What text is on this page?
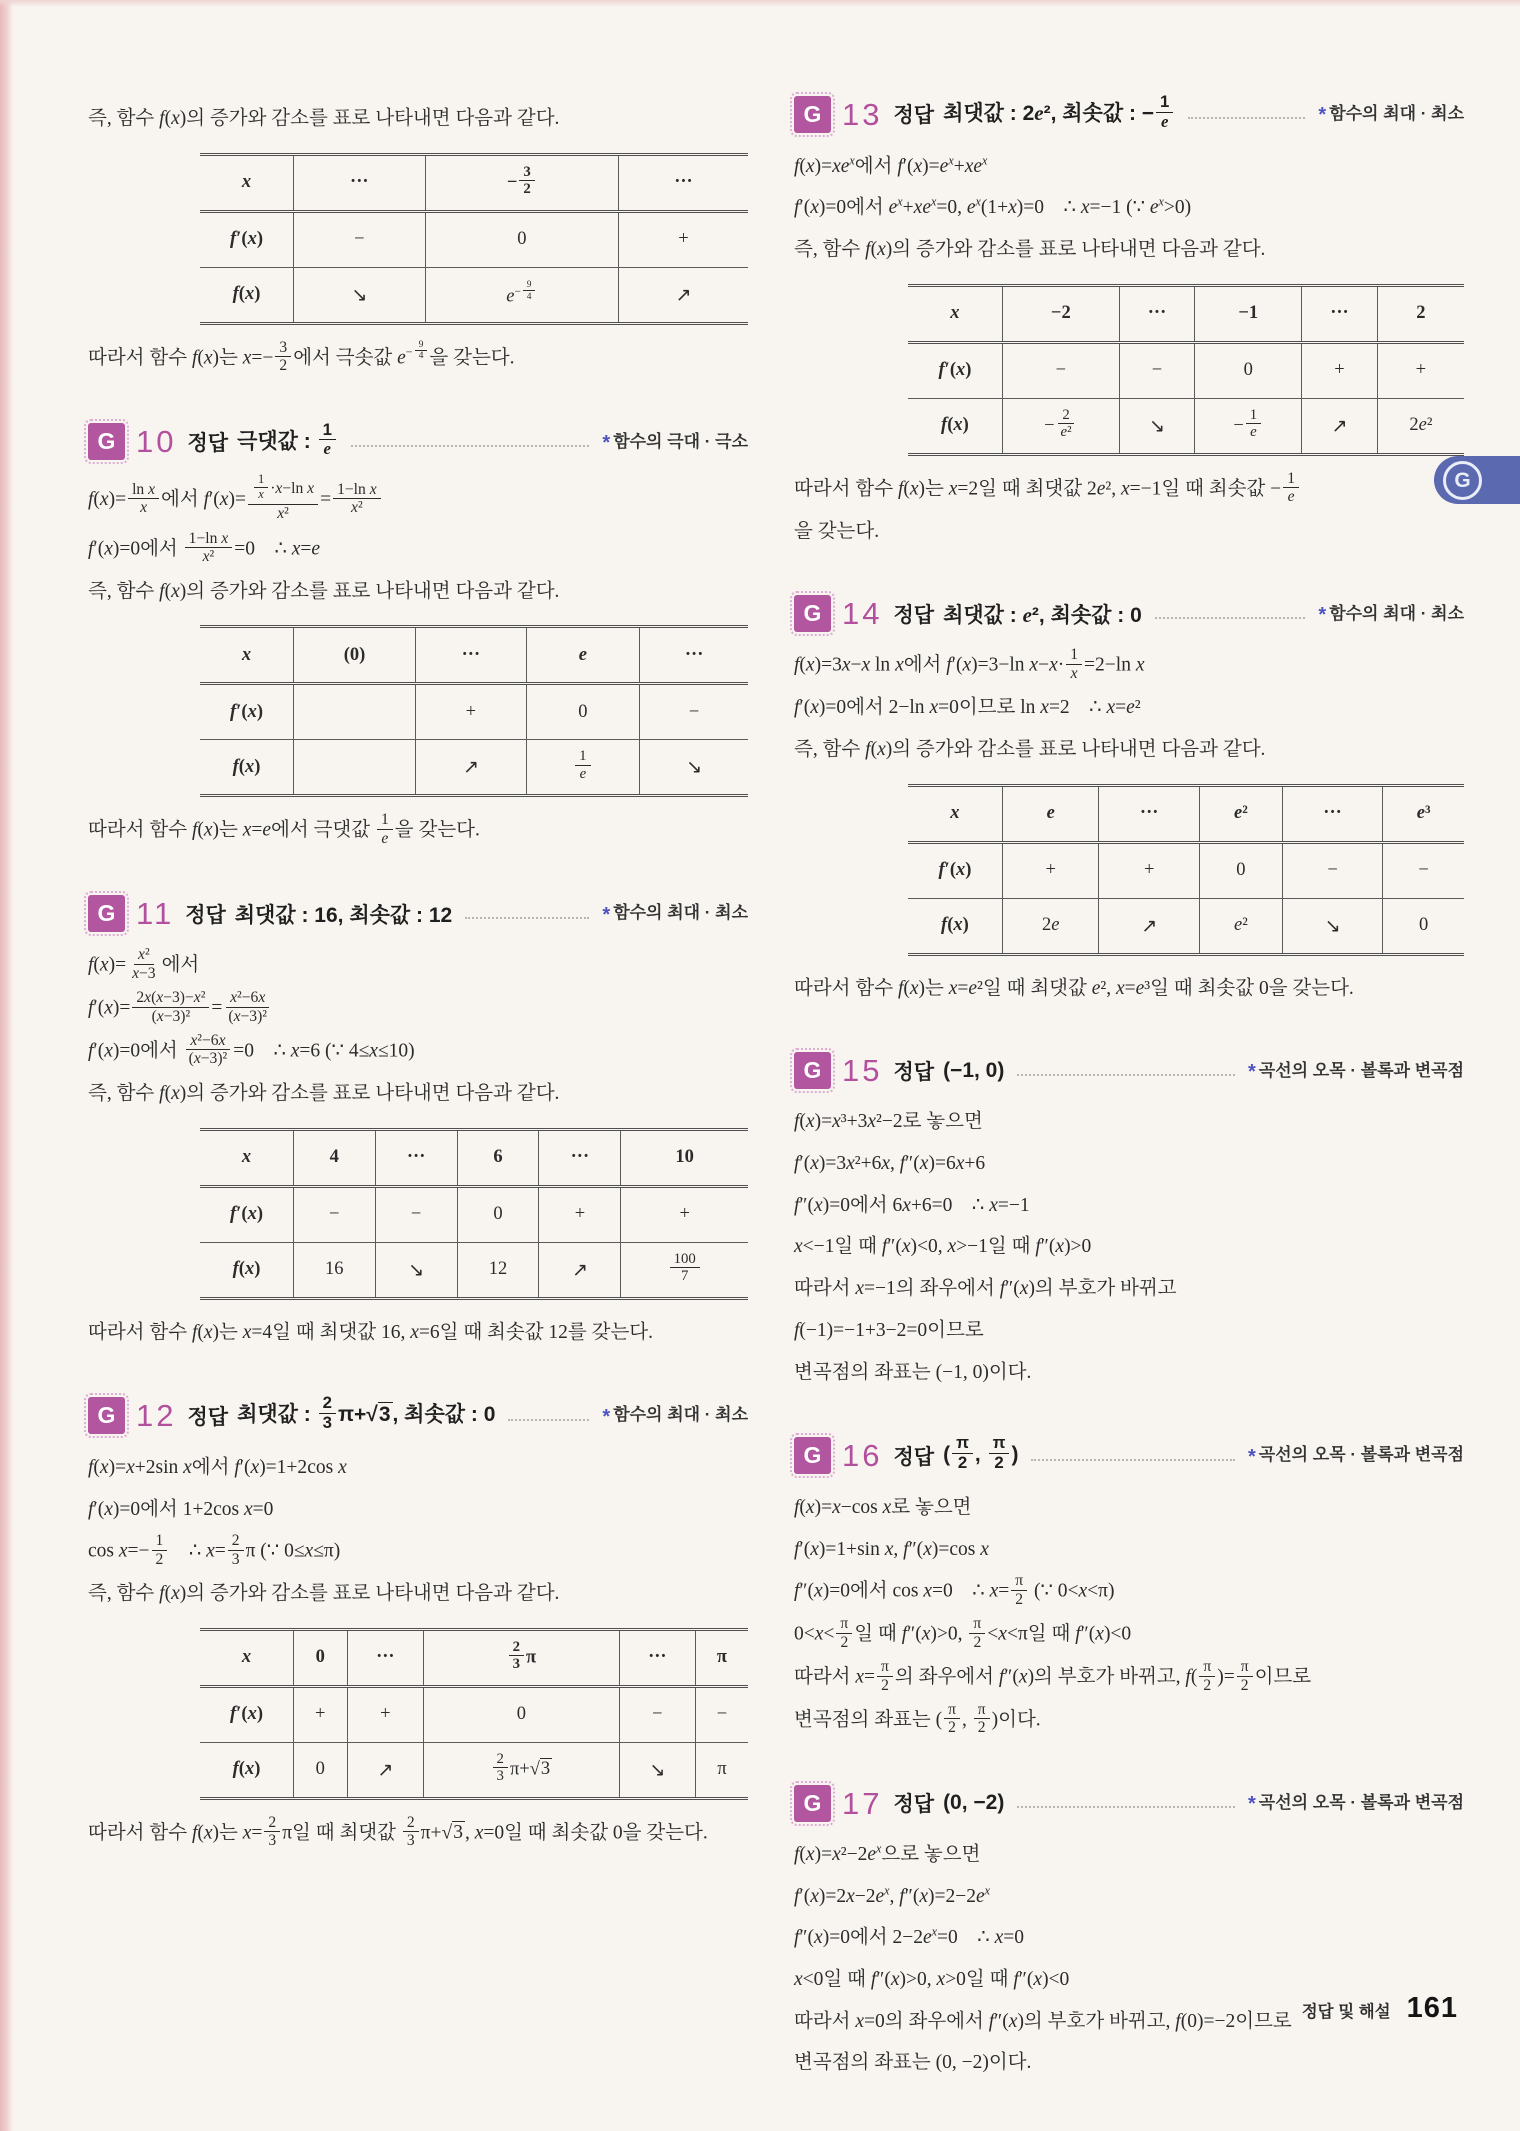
즉, 함수 f(x)의 증가와 감소를 표로 나타내면 다음과 같다.

x	···	− $\frac{3}{2}$	···
f′(x)	−	0	+
f(x)	↘	$e^{- \frac{9}{4}}$	↗

따라서 함수 f(x)는 $x=- \frac{3}{2}$ 에서 극솟값 $e^{- \frac{9}{4}}$ 을 갖는다.

G 10 정답 극댓값 : $\frac{1}{e}$	* 함수의 극대 · 극소

$f(x)= \frac{\text{ln x}}{x}$ 에서 $f'(x)= \frac{\frac{1}{x} \cdot x-\ln x}{\text{x²}} = \frac{\text{1−ln x}}{\text{x²}}$

f′(x)=0에서 $\frac{\text{1−ln x}}{\text{x²}} =0$    ∴ x=e

즉, 함수 f(x)의 증가와 감소를 표로 나타내면 다음과 같다.

x	(0)	···	e	···
f′(x)		+	0	−
f(x)		↗	$\frac{1}{e}$	↘

따라서 함수 f(x)는 x=e에서 극댓값 $\frac{1}{e}$ 을 갖는다.

G 11 정답 최댓값 : 16, 최솟값 : 12	* 함수의 최대 · 최소

$f(x)= \frac{\text{x²}}{x-3}$ 에서

$f'(x)= \frac{\text{2x(x−3)−x²}}{\text{(x−3)²}} = \frac{\text{x²−6x}}{\text{(x−3)²}}$

f′(x)=0에서 $\frac{\text{x²−6x}}{\text{(x−3)²}} =0$    ∴ x=6 (∵ 4≤x≤10)

즉, 함수 f(x)의 증가와 감소를 표로 나타내면 다음과 같다.

x	4	···	6	···	10
f′(x)	−	−	0	+	+
f(x)	16	↘	12	↗	$\frac{100}{7}$

따라서 함수 f(x)는 x=4일 때 최댓값 16, x=6일 때 최솟값 12를 갖는다.

G 12 정답 최댓값 : $\frac{2}{3} \pi+√3$, 최솟값 : 0	* 함수의 최대 · 최소

f(x)=x+2sin x에서 f′(x)=1+2cos x

f′(x)=0에서 1+2cos x=0

$\cos x=- \frac{1}{2}$ ∴ $x= \frac{2}{3}$ π (∵ 0≤x≤π)

즉, 함수 f(x)의 증가와 감소를 표로 나타내면 다음과 같다.

x	0	···	$\frac{2}{3}$ π	···	π
f′(x)	+	+	0	−	−
f(x)	0	↗	$\frac{2}{3} \pi+√3$	↘	π

따라서 함수 f(x)는 $x= \frac{2}{3}$ π일 때 최댓값 $\frac{2}{3} \pi+√3$ , x=0일 때 최솟값 0을 갖는다.

G 13 정답 최댓값 : 2e², 최솟값 : − $\frac{1}{e}$	* 함수의 최대 · 최소

$f(x)=xe^x$에서 $f'(x)=e^x+xe^x$

f′(x)=0에서 $e^x+xe^x=0$, $e^x(1+x)=0$    ∴ x=−1 (∵ $e^x>0$)

즉, 함수 f(x)의 증가와 감소를 표로 나타내면 다음과 같다.

x	−2	···	−1	···	2
f′(x)	−	−	0	+	+
f(x)	− $\frac{2}{\text{e²}}$	↘	− $\frac{1}{e}$	↗	2e²

따라서 함수 f(x)는 x=2일 때 최댓값 2e², x=−1일 때 최솟값 − $\frac{1}{e}$

을 갖는다.

G 14 정답 최댓값 : e², 최솟값 : 0	* 함수의 최대 · 최소

f(x)=3x−x ln x에서 f′(x)=3−ln $x-x\cdot \frac{1}{x} =2-\ln$ x

f′(x)=0에서 2−ln x=0이므로 ln x=2    ∴ x=e²

즉, 함수 f(x)의 증가와 감소를 표로 나타내면 다음과 같다.

x	e	···	e²	···	e³
f′(x)	+	+	0	−	−
f(x)	2e	↗	e²	↘	0

따라서 함수 f(x)는 x=e²일 때 최댓값 e², x=e³일 때 최솟값 0을 갖는다.

G 15 정답 (−1, 0)	* 곡선의 오목 · 볼록과 변곡점

f(x)=x³+3x²−2로 놓으면

f′(x)=3x²+6x, f″(x)=6x+6

f″(x)=0에서 6x+6=0    ∴ x=−1

x<−1일 때 f″(x)<0, x>−1일 때 f″(x)>0

따라서 x=−1의 좌우에서 f″(x)의 부호가 바뀌고

f(−1)=−1+3−2=0이므로

변곡점의 좌표는 (−1, 0)이다.

G 16 정답 ( $\frac{\pi}{2}$ , $\frac{\pi}{2}$ )	* 곡선의 오목 · 볼록과 변곡점

f(x)=x−cos x로 놓으면

f′(x)=1+sin x, f″(x)=cos x

f″(x)=0에서 cos x=0    ∴ $x= \frac{\pi}{2}$ (∵ 0<x<π)

$0<x< \frac{\pi}{2}$ 일 때 f″(x)>0, $\frac{\pi}{2} <x<\pi$일 때 f″(x)<0

따라서 $x= \frac{\pi}{2}$ 의 좌우에서 f″(x)의 부호가 바뀌고, $f( \frac{\pi}{2}$ )= $\frac{\pi}{2}$ 이므로

변곡점의 좌표는 ( $\frac{\pi}{2}$ , $\frac{\pi}{2}$ )이다.

G 17 정답 (0, −2)	* 곡선의 오목 · 볼록과 변곡점

$f(x)=x^2-2e^x$으로 놓으면

$f'(x)=2x-2e^x$, $f''(x)=2-2e^x$

f″(x)=0에서 $2-2e^x=0$    ∴ x=0

x<0일 때 f″(x)>0, x>0일 때 f″(x)<0

따라서 x=0의 좌우에서 f″(x)의 부호가 바뀌고, f(0)=−2이므로

변곡점의 좌표는 (0, −2)이다.

G
정답 및 해설 161
